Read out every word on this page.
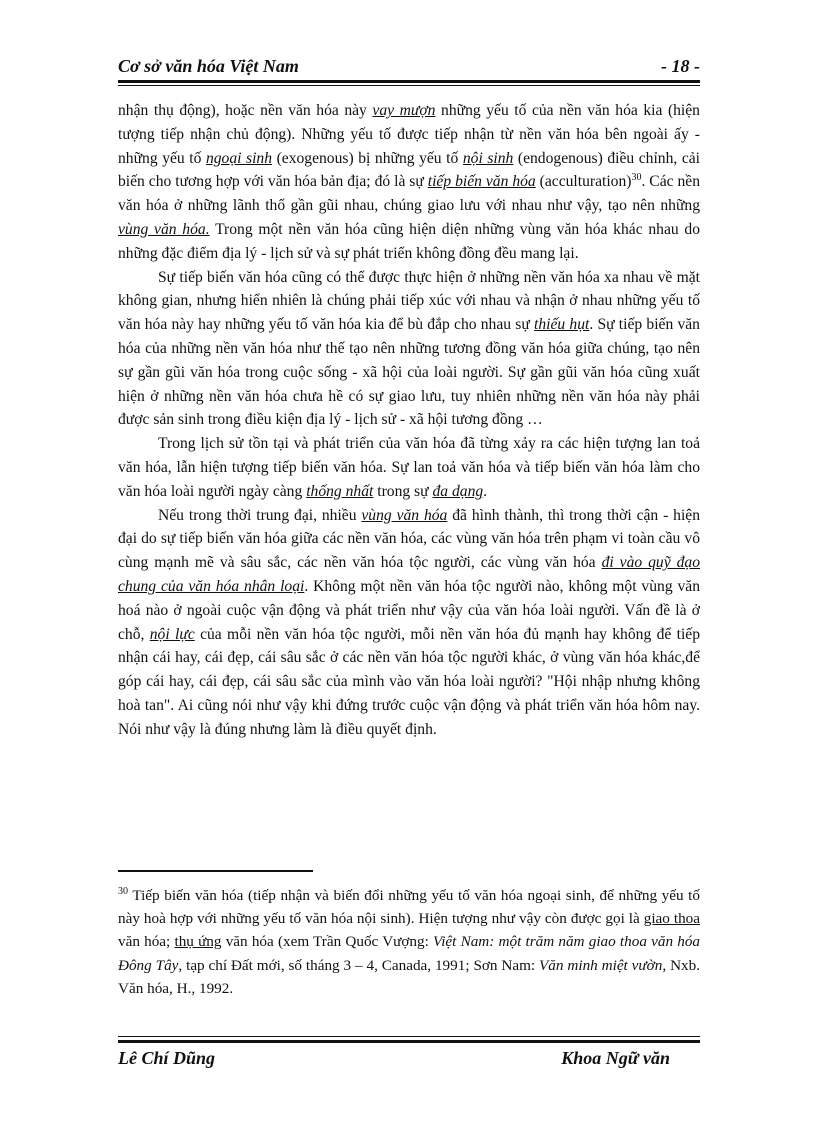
Cơ sở văn hóa Việt Nam	- 18 -

nhận thụ động), hoặc nền văn hóa này vay mượn những yếu tố của nền văn hóa kia (hiện tượng tiếp nhận chủ động). Những yếu tố được tiếp nhận từ nền văn hóa bên ngoài ấy - những yếu tố ngoại sinh (exogenous) bị những yếu tố nội sinh (endogenous) điều chỉnh, cải biến cho tương hợp với văn hóa bản địa; đó là sự tiếp biến văn hóa (acculturation)$^{30}$. Các nền văn hóa ở những lãnh thổ gần gũi nhau, chúng giao lưu với nhau như vậy, tạo nên những vùng văn hóa. Trong một nền văn hóa cũng hiện diện những vùng văn hóa khác nhau do những đặc điểm địa lý - lịch sử và sự phát triển không đồng đều mang lại.

Sự tiếp biến văn hóa cũng có thể được thực hiện ở những nền văn hóa xa nhau về mặt không gian, nhưng hiển nhiên là chúng phải tiếp xúc với nhau và nhận ở nhau những yếu tố văn hóa này hay những yếu tố văn hóa kia để bù đắp cho nhau sự thiếu hụt. Sự tiếp biến văn hóa của những nền văn hóa như thế tạo nên những tương đồng văn hóa giữa chúng, tạo nên sự gần gũi văn hóa trong cuộc sống - xã hội của loài người. Sự gần gũi văn hóa cũng xuất hiện ở những nền văn hóa chưa hề có sự giao lưu, tuy nhiên những nền văn hóa này phải được sản sinh trong điều kiện địa lý - lịch sử - xã hội tương đồng …

Trong lịch sử tồn tại và phát triển của văn hóa đã từng xảy ra các hiện tượng lan toả văn hóa, lẫn hiện tượng tiếp biến văn hóa. Sự lan toả văn hóa và tiếp biến văn hóa làm cho văn hóa loài người ngày càng thống nhất trong sự đa dạng.

Nếu trong thời trung đại, nhiều vùng văn hóa đã hình thành, thì trong thời cận - hiện đại do sự tiếp biến văn hóa giữa các nền văn hóa, các vùng văn hóa trên phạm vi toàn cầu vô cùng mạnh mẽ và sâu sắc, các nền văn hóa tộc người, các vùng văn hóa đi vào quỹ đạo chung của văn hóa nhân loại. Không một nền văn hóa tộc người nào, không một vùng văn hoá nào ở ngoài cuộc vận động và phát triển như vậy của văn hóa loài người. Vấn đề là ở chỗ, nội lực của mỗi nền văn hóa tộc người, mỗi nền văn hóa đủ mạnh hay không để tiếp nhận cái hay, cái đẹp, cái sâu sắc ở các nền văn hóa tộc người khác, ở vùng văn hóa khác,để góp cái hay, cái đẹp, cái sâu sắc của mình vào văn hóa loài người? "Hội nhập nhưng không hoà tan". Ai cũng nói như vậy khi đứng trước cuộc vận động và phát triển văn hóa hôm nay. Nói như vậy là đúng nhưng làm là điều quyết định.

$^{30}$ Tiếp biến văn hóa (tiếp nhận và biến đổi những yếu tố văn hóa ngoại sinh, để những yếu tố này hoà hợp với những yếu tố văn hóa nội sinh). Hiện tượng như vậy còn được gọi là giao thoa văn hóa; thụ ứng văn hóa (xem Trần Quốc Vượng: Việt Nam: một trăm năm giao thoa văn hóa Đông Tây, tạp chí Đất mới, số tháng 3 – 4, Canada, 1991; Sơn Nam: Văn minh miệt vườn, Nxb. Văn hóa, H., 1992.

Lê Chí Dũng	Khoa Ngữ văn
